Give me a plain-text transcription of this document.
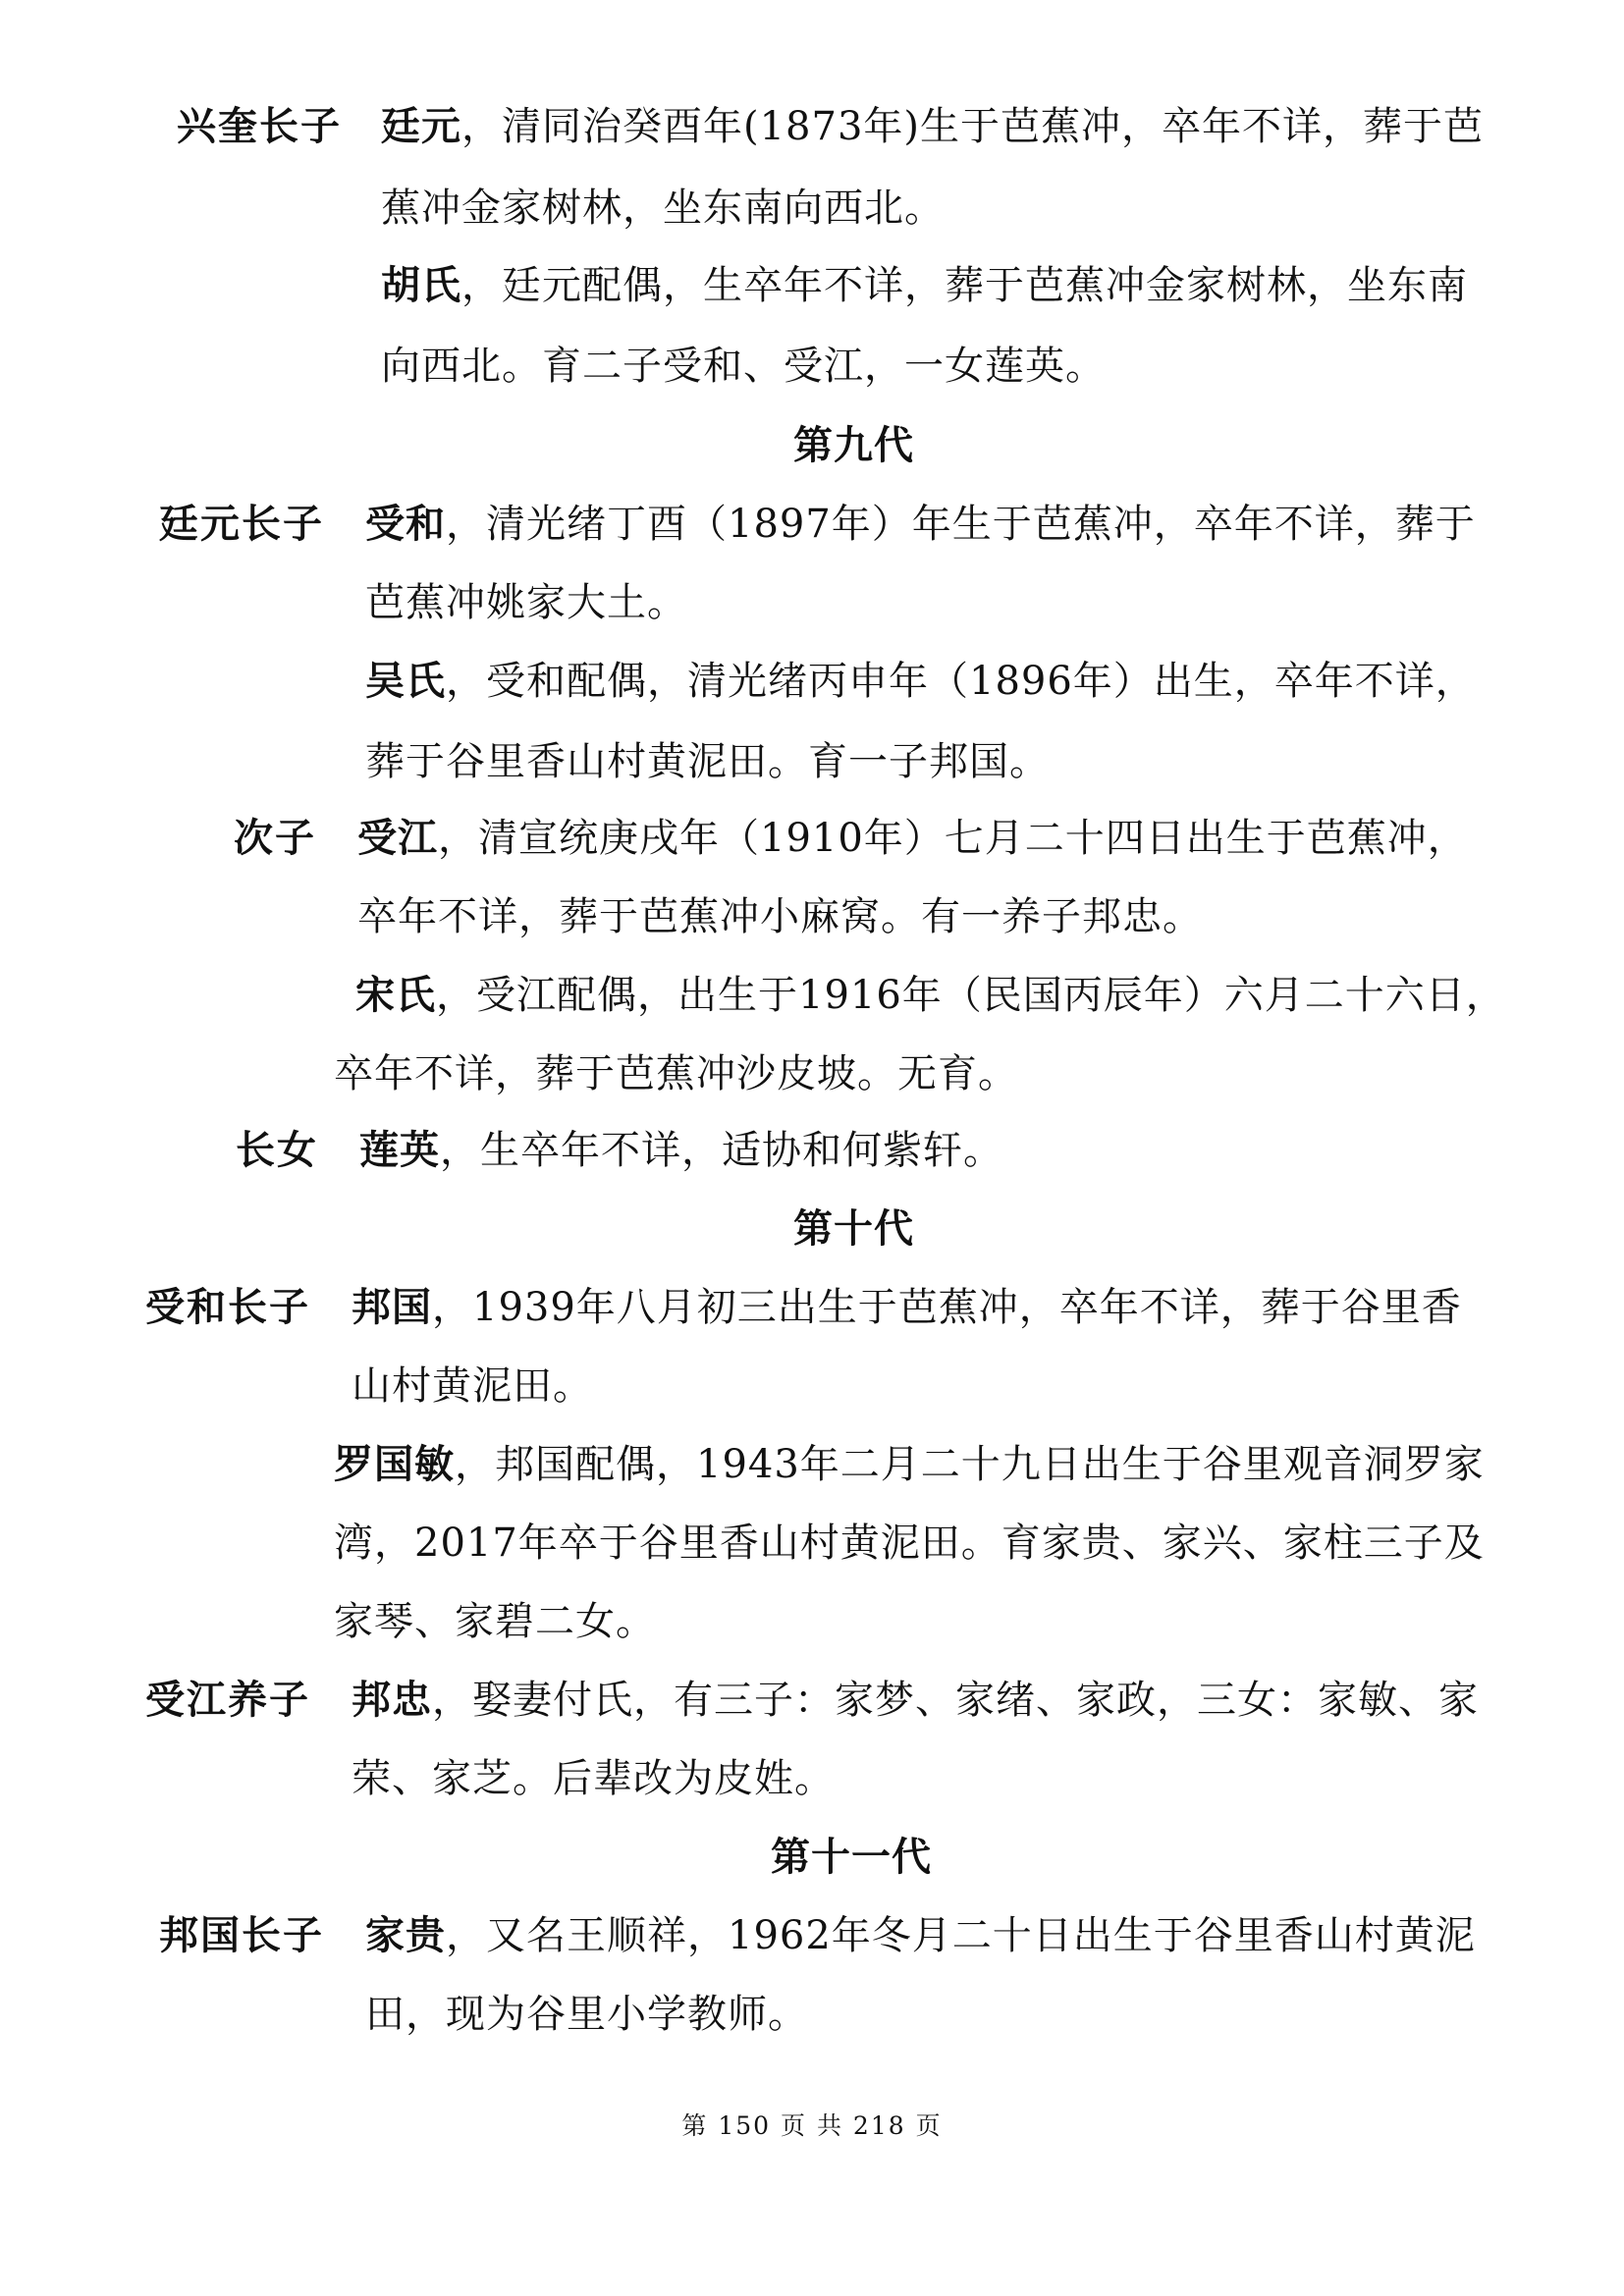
兴奎长子 廷元，清同治癸酉年(1873年)生于芭蕉冲，卒年不详，葬于芭
蕉冲金家树林，坐东南向西北。
胡氏，廷元配偶，生卒年不详，葬于芭蕉冲金家树林，坐东南
向西北。育二子受和、受江，一女莲英。
第九代
廷元长子 受和，清光绪丁酉（1897年）年生于芭蕉冲，卒年不详，葬于
芭蕉冲姚家大土。
吴氏，受和配偶，清光绪丙申年（1896年）出生，卒年不详，
葬于谷里香山村黄泥田。育一子邦国。
次子 受江，清宣统庚戌年（1910年）七月二十四日出生于芭蕉冲，
卒年不详，葬于芭蕉冲小麻窝。有一养子邦忠。
宋氏，受江配偶，出生于1916年（民国丙辰年）六月二十六日，
卒年不详，葬于芭蕉冲沙皮坡。无育。
长女 莲英，生卒年不详，适协和何紫轩。
第十代
受和长子 邦国，1939年八月初三出生于芭蕉冲，卒年不详，葬于谷里香
山村黄泥田。
罗国敏，邦国配偶，1943年二月二十九日出生于谷里观音洞罗家
湾，2017年卒于谷里香山村黄泥田。育家贵、家兴、家柱三子及
家琴、家碧二女。
受江养子 邦忠，娶妻付氏，有三子：家梦、家绪、家政，三女：家敏、家
荣、家芝。后辈改为皮姓。
第十一代
邦国长子 家贵，又名王顺祥，1962年冬月二十日出生于谷里香山村黄泥
田，现为谷里小学教师。
第 150 页 共 218 页
